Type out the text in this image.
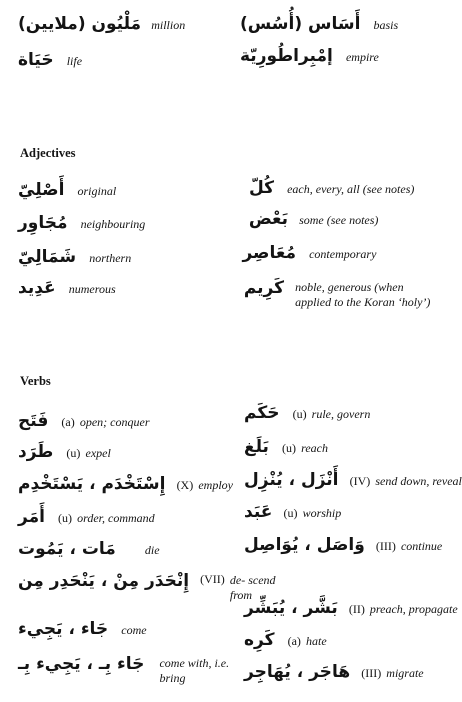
مَلْيُون (ملايين) million
حَيَاة life
أَسَاس (أُسُس) basis
إمْبِراطُورِيّة empire
Adjectives
أَصْلِيّ original
مُجَاوِر neighbouring
شَمَالِيّ northern
عَدِيد numerous
كُلّ each, every, all (see notes)
بَعْض some (see notes)
مُعَاصِر contemporary
كَرِيم noble, generous (when applied to the Koran ‘holy’)
Verbs
فَتَح (a) open; conquer
طَرَد (u) expel
إِسْتَخْدَم ، يَسْتَخْدِم (X) employ
أَمَر (u) order, command
مَات ، يَمُوت die
إِنْحَدَر مِنْ ، يَنْحَدِر مِن (VII) de- scend from
جَاء ، يَجِيء come
جَاء بِـ ، يَجِيء بِـ come with, i.e. bring
حَكَم (u) rule, govern
بَلَغ (u) reach
أَنْزَل ، يُنْزِل (IV) send down, reveal
عَبَد (u) worship
وَاصَل ، يُوَاصِل (III) continue
بَشَّر ، يُبَشِّر (II) preach, propagate
كَرِه (a) hate
هَاجَر ، يُهَاجِر (III) migrate
